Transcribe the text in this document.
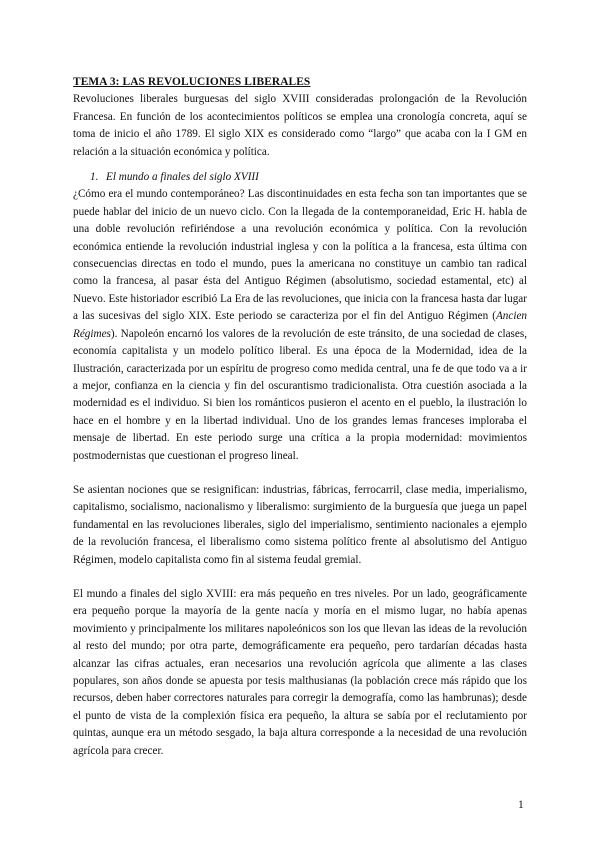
TEMA 3: LAS REVOLUCIONES LIBERALES

Revoluciones liberales burguesas del siglo XVIII consideradas prolongación de la Revolución Francesa. En función de los acontecimientos políticos se emplea una cronología concreta, aquí se toma de inicio el año 1789. El siglo XIX es considerado como “largo” que acaba con la I GM en relación a la situación económica y política.

1. El mundo a finales del siglo XVIII

¿Cómo era el mundo contemporáneo? Las discontinuidades en esta fecha son tan importantes que se puede hablar del inicio de un nuevo ciclo. Con la llegada de la contemporaneidad, Eric H. habla de una doble revolución refiriéndose a una revolución económica y política. Con la revolución económica entiende la revolución industrial inglesa y con la política a la francesa, esta última con consecuencias directas en todo el mundo, pues la americana no constituye un cambio tan radical como la francesa, al pasar ésta del Antiguo Régimen (absolutismo, sociedad estamental, etc) al Nuevo. Este historiador escribió La Era de las revoluciones, que inicia con la francesa hasta dar lugar a las sucesivas del siglo XIX. Este periodo se caracteriza por el fin del Antiguo Régimen (Ancien Régimes). Napoleón encarnó los valores de la revolución de este tránsito, de una sociedad de clases, economía capitalista y un modelo político liberal. Es una época de la Modernidad, idea de la Ilustración, caracterizada por un espíritu de progreso como medida central, una fe de que todo va a ir a mejor, confianza en la ciencia y fin del oscurantismo tradicionalista. Otra cuestión asociada a la modernidad es el individuo. Si bien los románticos pusieron el acento en el pueblo, la ilustración lo hace en el hombre y en la libertad individual. Uno de los grandes lemas franceses imploraba el mensaje de libertad. En este periodo surge una crítica a la propia modernidad: movimientos postmodernistas que cuestionan el progreso lineal.

Se asientan nociones que se resignifican: industrias, fábricas, ferrocarril, clase media, imperialismo, capitalismo, socialismo, nacionalismo y liberalismo: surgimiento de la burguesía que juega un papel fundamental en las revoluciones liberales, siglo del imperialismo, sentimiento nacionales a ejemplo de la revolución francesa, el liberalismo como sistema político frente al absolutismo del Antiguo Régimen, modelo capitalista como fin al sistema feudal gremial.

El mundo a finales del siglo XVIII: era más pequeño en tres niveles. Por un lado, geográficamente era pequeño porque la mayoría de la gente nacía y moría en el mismo lugar, no había apenas movimiento y principalmente los militares napoleónicos son los que llevan las ideas de la revolución al resto del mundo; por otra parte, demográficamente era pequeño, pero tardarían décadas hasta alcanzar las cifras actuales, eran necesarios una revolución agrícola que alimente a las clases populares, son años donde se apuesta por tesis malthusianas (la población crece más rápido que los recursos, deben haber correctores naturales para corregir la demografía, como las hambrunas); desde el punto de vista de la complexión física era pequeño, la altura se sabía por el reclutamiento por quintas, aunque era un método sesgado, la baja altura corresponde a la necesidad de una revolución agrícola para crecer.

1
